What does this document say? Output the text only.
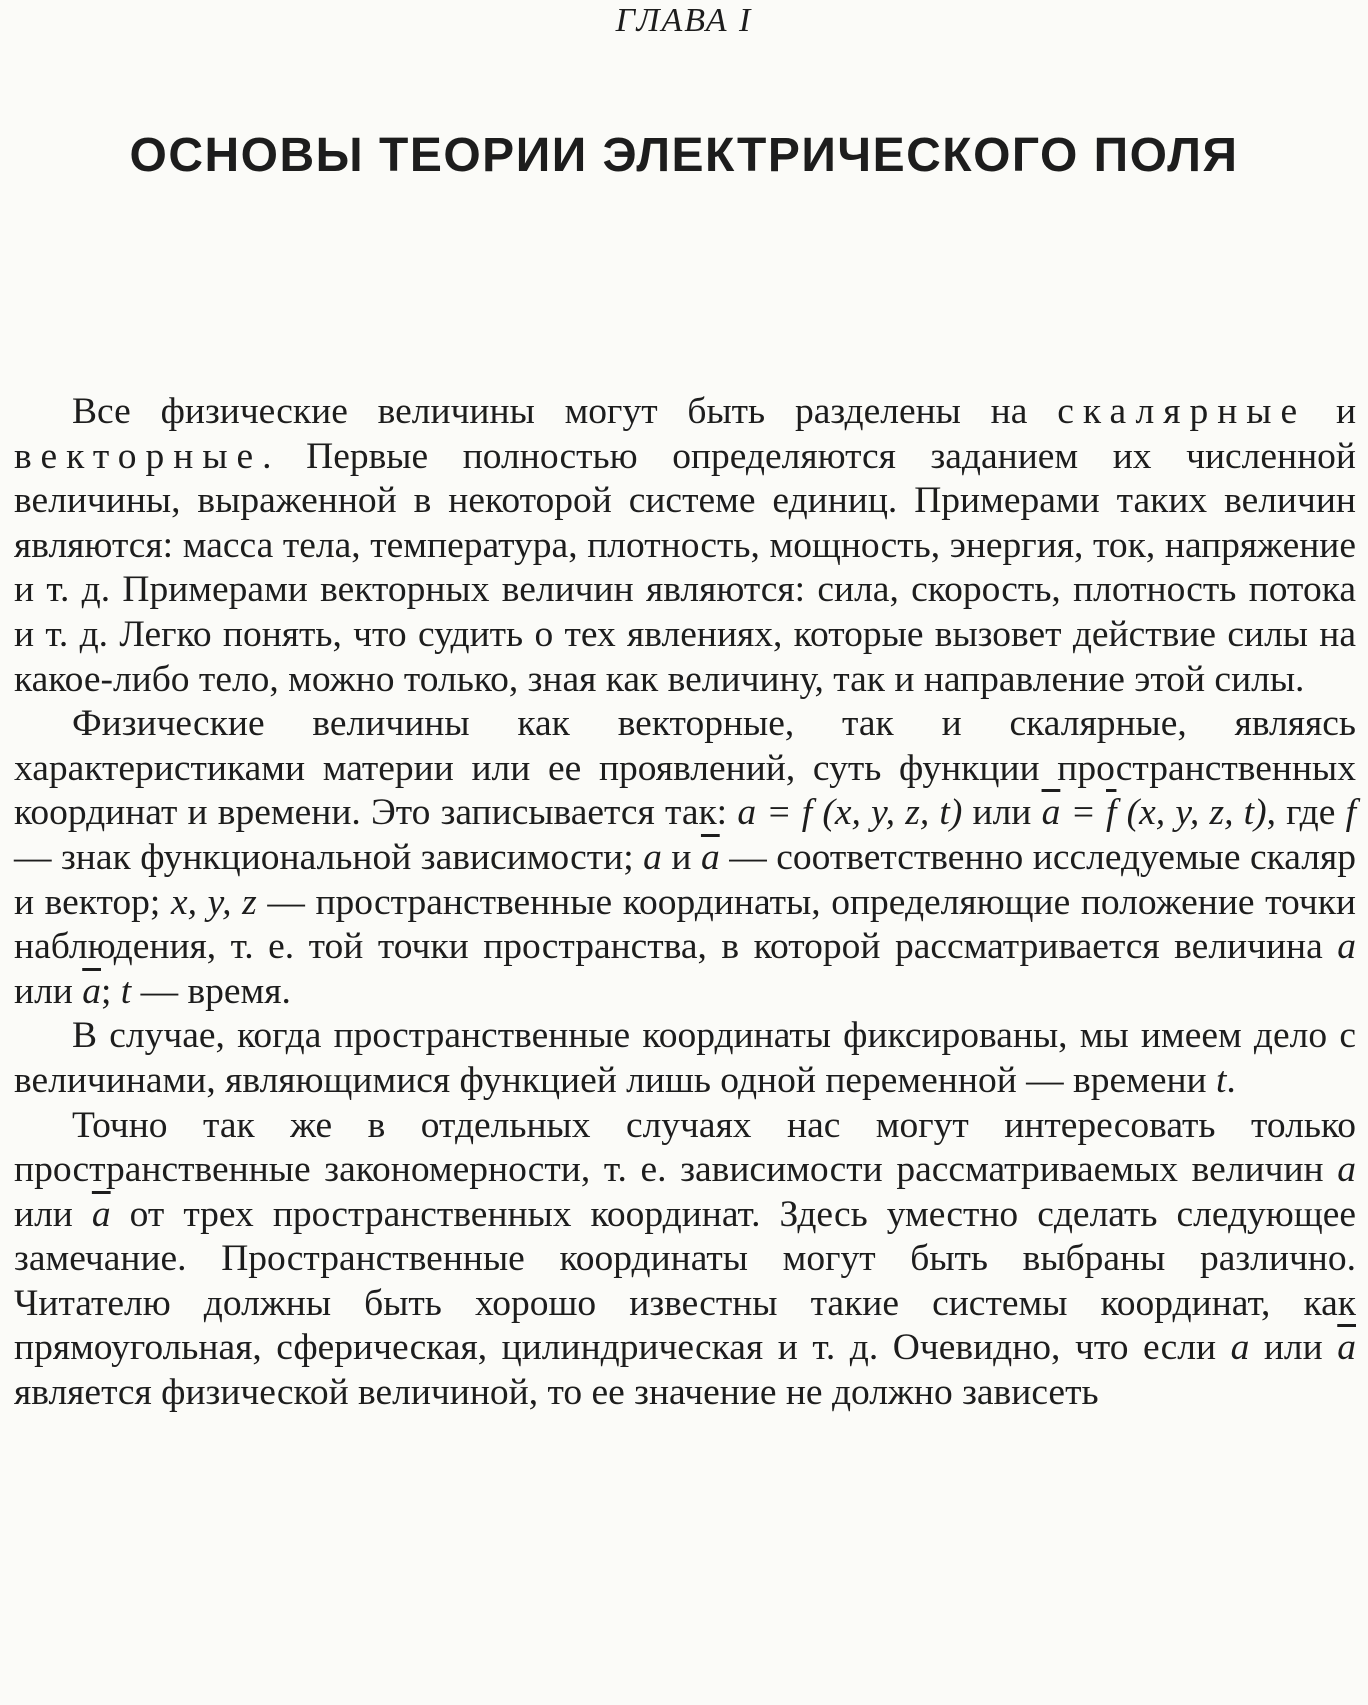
ГЛАВА I
ОСНОВЫ ТЕОРИИ ЭЛЕКТРИЧЕСКОГО ПОЛЯ

Все физические величины могут быть разделены на скалярные и векторные. Первые полностью определяются заданием их численной величины, выраженной в некоторой системе единиц. Примерами таких величин являются: масса тела, температура, плотность, мощность, энергия, ток, напряжение и т. д. Примерами векторных величин являются: сила, скорость, плотность потока и т. д. Легко понять, что судить о тех явлениях, которые вызовет действие силы на какое-либо тело, можно только, зная как величину, так и направление этой силы.

Физические величины как векторные, так и скалярные, являясь характеристиками материи или ее проявлений, суть функции пространственных координат и времени. Это записывается так: a = f (x, y, z, t) или $\overline{a} = \overline{f}$ (x, y, z, t), где f — знак функциональной зависимости; a и $\overline{a}$ — соответственно исследуемые скаляр и вектор; x, y, z — пространственные координаты, определяющие положение точки наблюдения, т. е. той точки пространства, в которой рассматривается величина a или $\overline{a}$; t — время.

В случае, когда пространственные координаты фиксированы, мы имеем дело с величинами, являющимися функцией лишь одной переменной — времени t.

Точно так же в отдельных случаях нас могут интересовать только пространственные закономерности, т. е. зависимости рассматриваемых величин a или $\overline{a}$ от трех пространственных координат. Здесь уместно сделать следующее замечание. Пространственные координаты могут быть выбраны различно. Читателю должны быть хорошо известны такие системы координат, как прямоугольная, сферическая, цилиндрическая и т. д. Очевидно, что если a или $\overline{a}$ является физической величиной, то ее значение не должно зависеть
